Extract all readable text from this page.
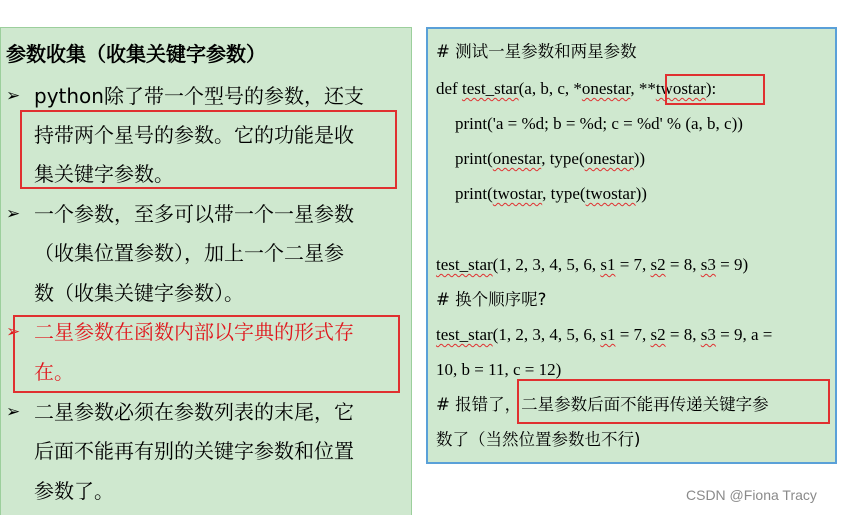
参数收集（收集关键字参数）
➢ python除了带一个型号的参数，还支
持带两个星号的参数。它的功能是收
集关键字参数。
➢ 一个参数，至多可以带一个一星参数
（收集位置参数），加上一个二星参
数（收集关键字参数）。
➢ 二星参数在函数内部以字典的形式存
在。
➢ 二星参数必须在参数列表的末尾，它
后面不能再有别的关键字参数和位置
参数了。
# 测试一星参数和两星参数
def test_star(a, b, c, *onestar, **twostar):
print('a = %d; b = %d; c = %d' % (a, b, c))
print(onestar, type(onestar))
print(twostar, type(twostar))
test_star(1, 2, 3, 4, 5, 6, s1 = 7, s2 = 8, s3 = 9)
# 换个顺序呢?
test_star(1, 2, 3, 4, 5, 6, s1 = 7, s2 = 8, s3 = 9, a =
10, b = 11, c = 12)
# 报错了，二星参数后面不能再传递关键字参
数了（当然位置参数也不行)
CSDN @Fiona Tracy
